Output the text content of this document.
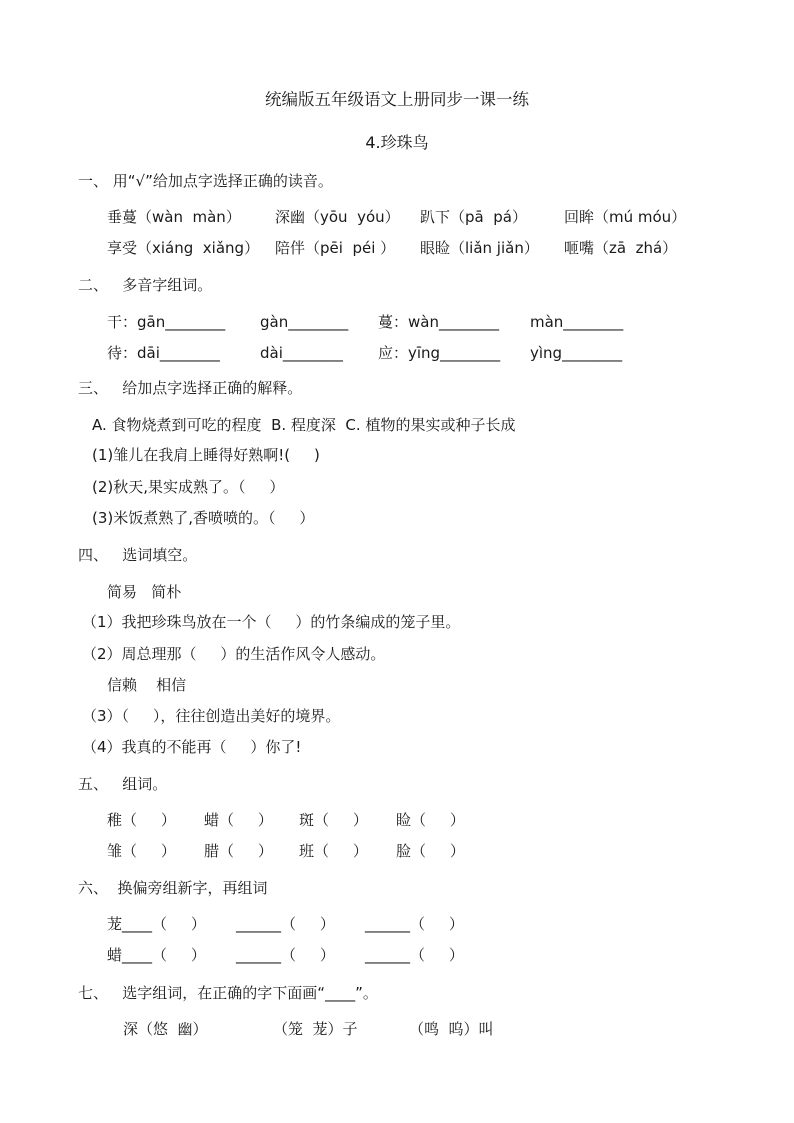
统编版五年级语文上册同步一课一练
4.珍珠鸟
一、 用“√”给加点字选择正确的读音。
垂蔓（wàn  màn） 深幽（yōu  yóu） 趴下（pā  pá） 回眸（mú móu）
享受（xiáng  xiǎng） 陪伴（pēi  péi ） 眼睑（liǎn jiǎn） 咂嘴（zā  zhá）
二、   多音字组词。
干：gān________ gàn________ 蔓：wàn________ màn________
待：dāi________	dài________ 应：yīng________ yìng________
三、   给加点字选择正确的解释。
A. 食物烧煮到可吃的程度  B. 程度深  C. 植物的果实或种子长成
(1)雏儿在我肩上睡得好熟啊!(     )
(2)秋天,果实成熟了。（     ）
(3)米饭煮熟了,香喷喷的。（     ）
四、   选词填空。
简易   简朴
（1）我把珍珠鸟放在一个（     ）的竹条编成的笼子里。
（2）周总理那（     ）的生活作风令人感动。
信赖    相信
（3）（     ），往往创造出美好的境界。
（4）我真的不能再（     ）你了!
五、   组词。
稚（     ） 蜡（     ） 斑（     ） 睑（     ）
雏（     ） 腊（     ） 班（     ） 脸（     ）
六、  换偏旁组新字，再组词
茏____（     ） ______（     ） ______（     ）
蜡____（     ） ______（     ） ______（     ）
七、   选字组词，在正确的字下面画“____”。
深（悠  幽）	（笼  茏）子	（鸣  呜）叫
